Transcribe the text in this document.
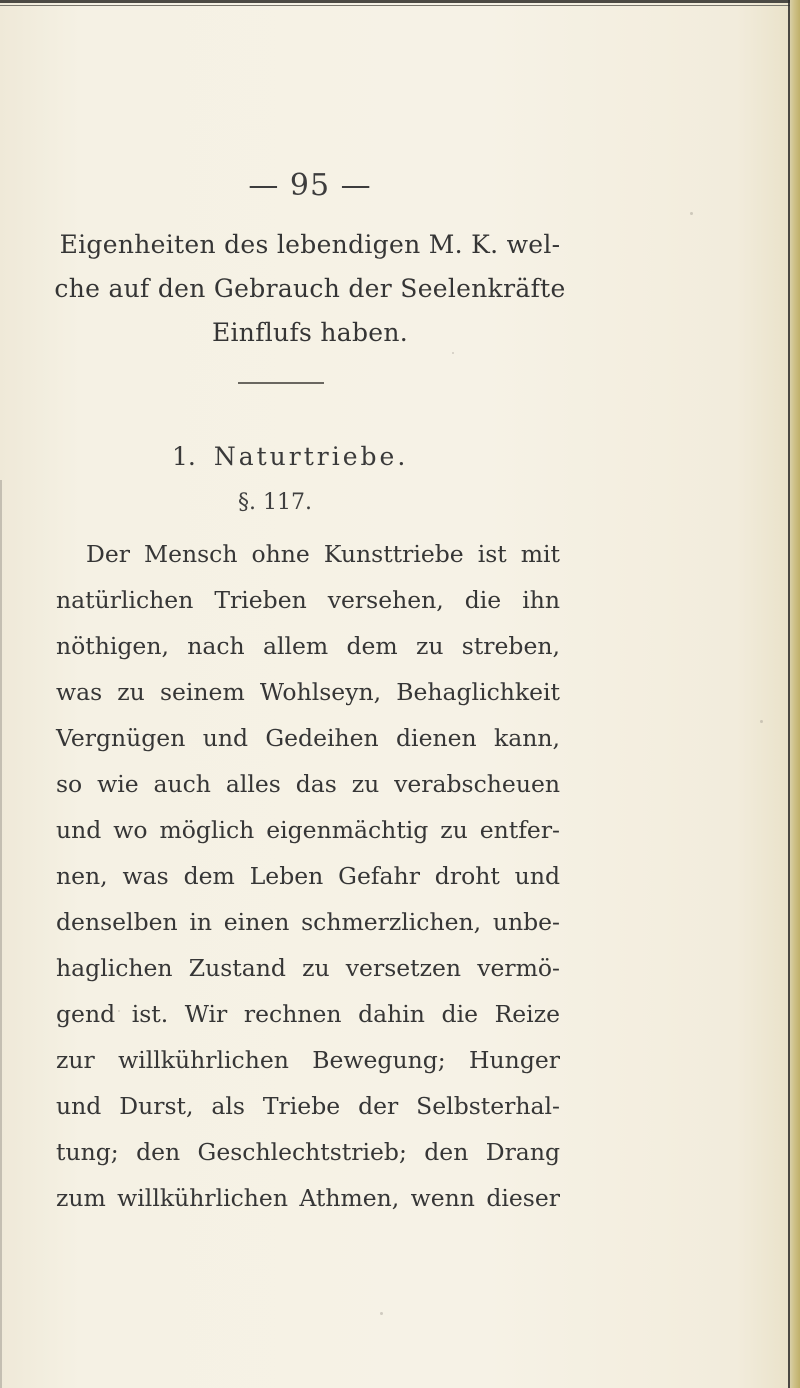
— 95 —
Eigenheiten des lebendigen M. K. wel-
che auf den Gebrauch der Seelenkräfte
Einflufs haben.
1. Naturtriebe.
§. 117.
Der Mensch ohne Kunsttriebe ist mit
natürlichen Trieben versehen, die ihn
nöthigen, nach allem dem zu streben,
was zu seinem Wohlseyn, Behaglichkeit
Vergnügen und Gedeihen dienen kann,
so wie auch alles das zu verabscheuen
und wo möglich eigenmächtig zu entfer-
nen, was dem Leben Gefahr droht und
denselben in einen schmerzlichen, unbe-
haglichen Zustand zu versetzen vermö-
gend ist. Wir rechnen dahin die Reize
zur willkührlichen Bewegung; Hunger
und Durst, als Triebe der Selbsterhal-
tung; den Geschlechtstrieb; den Drang
zum willkührlichen Athmen, wenn dieser
